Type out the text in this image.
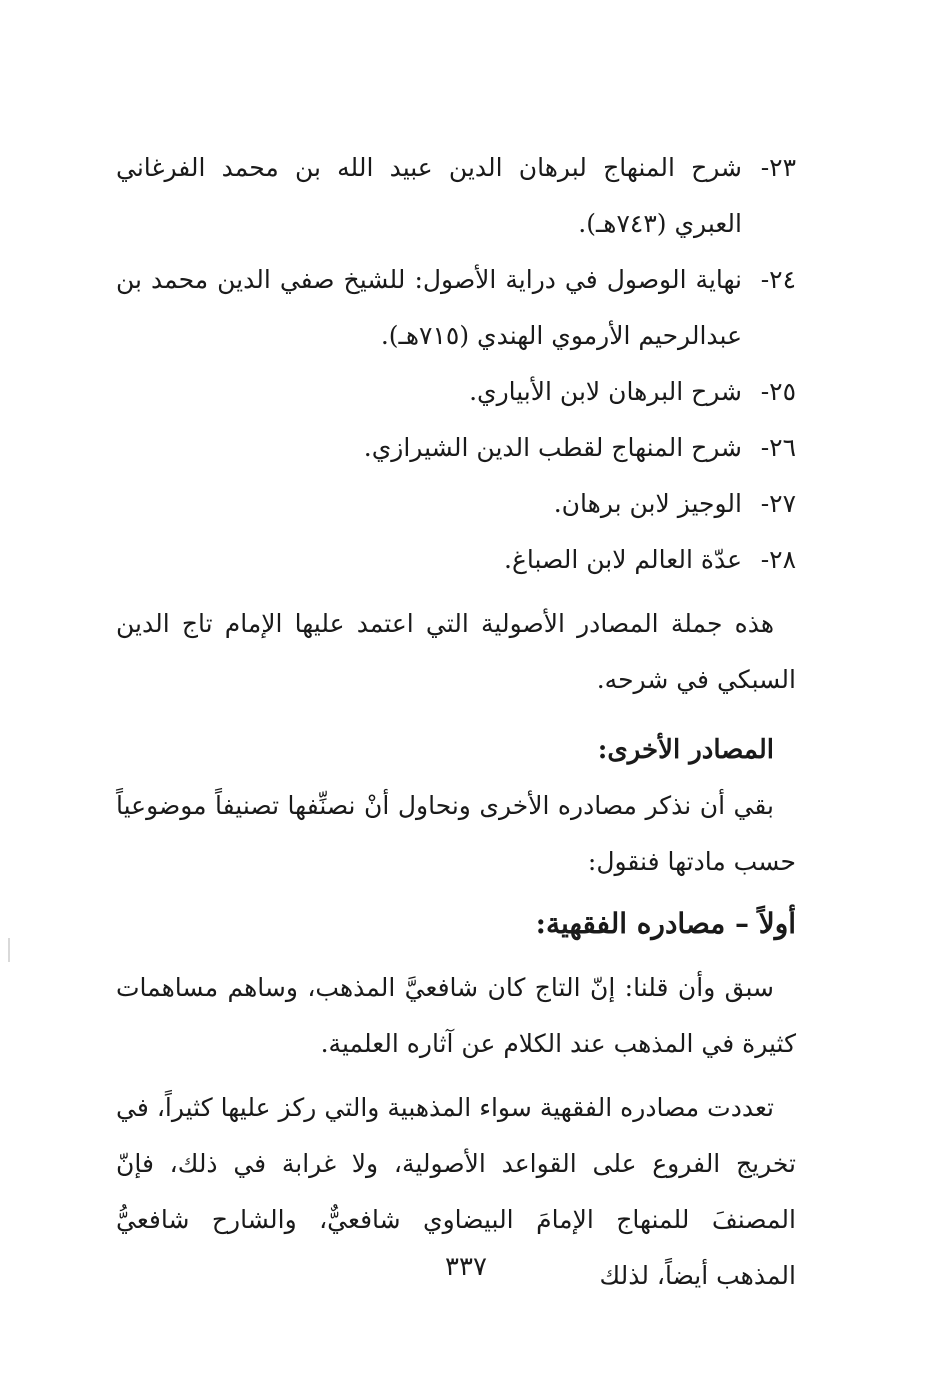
٢٣-
شرح المنهاج لبرهان الدين عبيد الله بن محمد الفرغاني العبري (٧٤٣هـ).
٢٤-
نهاية الوصول في دراية الأصول: للشيخ صفي الدين محمد بن عبدالرحيم الأرموي الهندي (٧١٥هـ).
٢٥-
شرح البرهان لابن الأبياري.
٢٦-
شرح المنهاج لقطب الدين الشيرازي.
٢٧-
الوجيز لابن برهان.
٢٨-
عدّة العالم لابن الصباغ.

هذه جملة المصادر الأصولية التي اعتمد عليها الإمام تاج الدين السبكي في شرحه.

المصادر الأخرى:

بقي أن نذكر مصادره الأخرى ونحاول أنْ نصنِّفها تصنيفاً موضوعياً حسب مادتها فنقول:

أولاً – مصادره الفقهية:

سبق وأن قلنا: إنّ التاج كان شافعيَّ المذهب، وساهم مساهمات كثيرة في المذهب عند الكلام عن آثاره العلمية.

تعددت مصادره الفقهية سواء المذهبية والتي ركز عليها كثيراً، في تخريج الفروع على القواعد الأصولية، ولا غرابة في ذلك، فإنّ المصنفَ للمنهاج الإمامَ البيضاوي شافعيٌّ، والشارح شافعيُّ المذهب أيضاً، لذلك

٣٣٧
